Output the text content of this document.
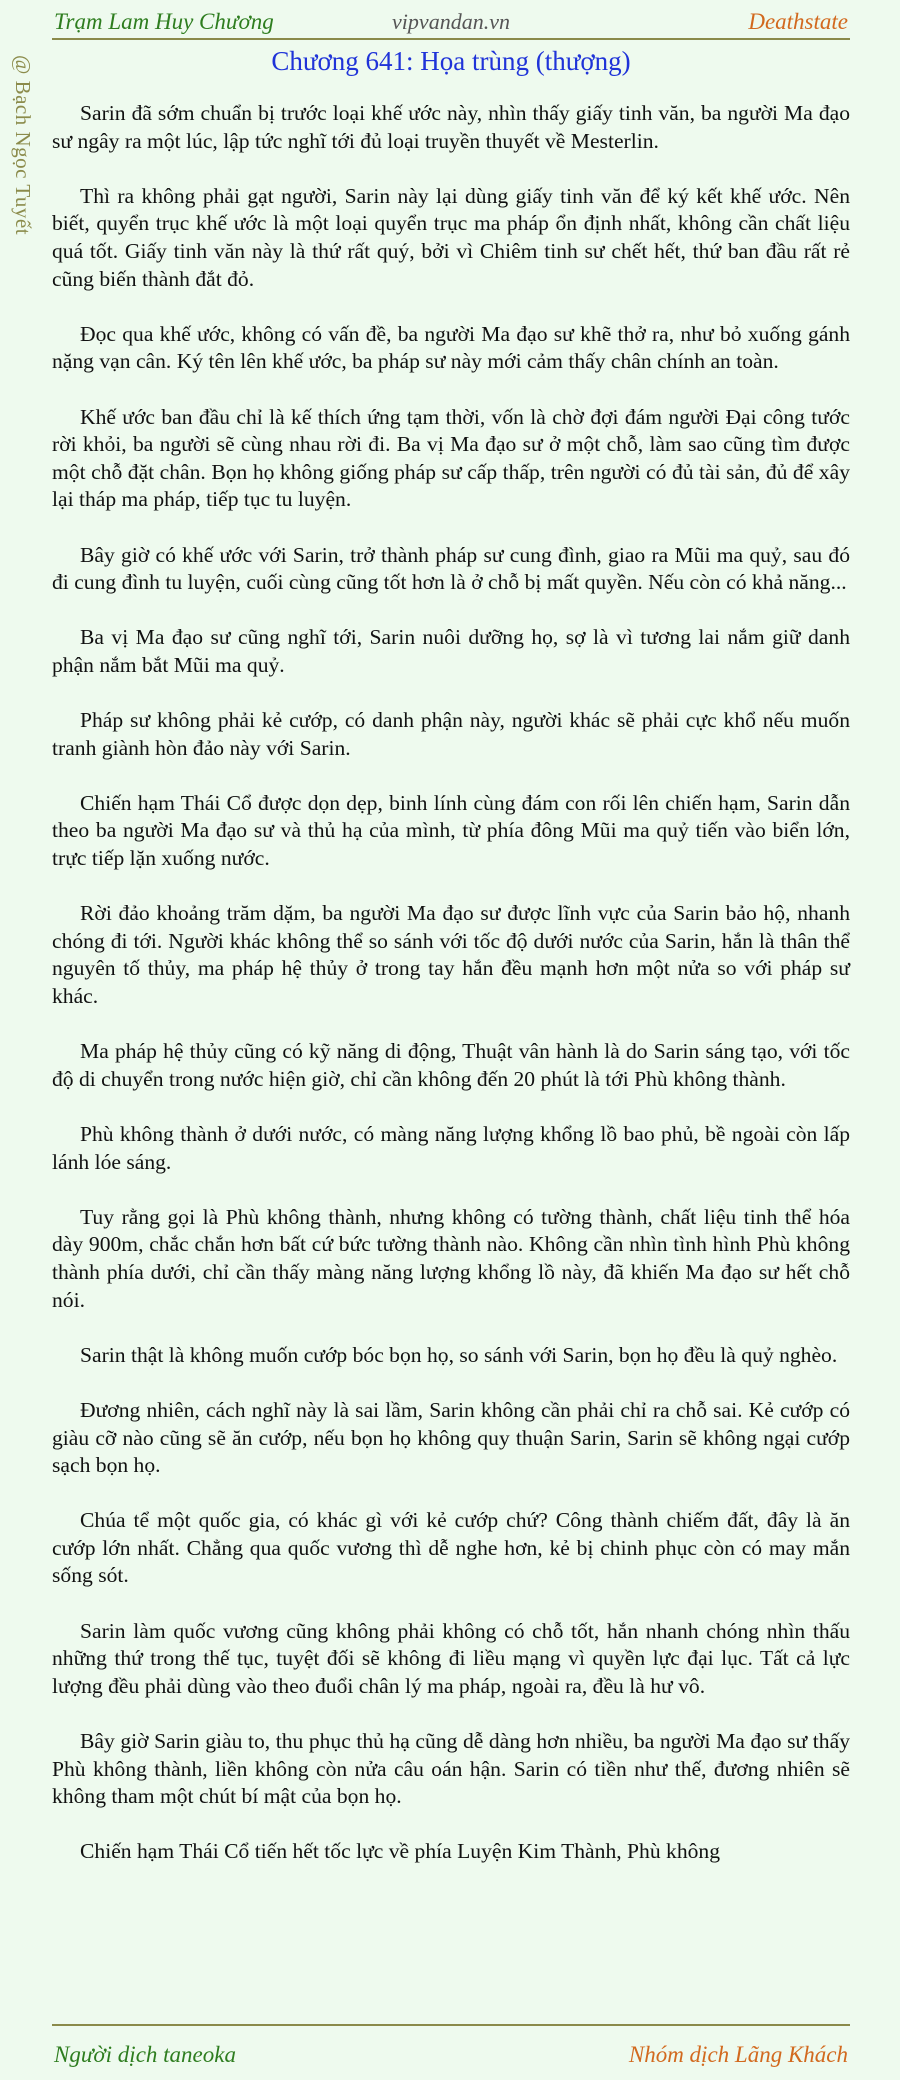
Trạm Lam Huy Chương	vipvandan.vn	Deathstate
@ Bạch Ngọc Tuyết	Chương 641: Họa trùng (thượng)

Sarin đã sớm chuẩn bị trước loại khế ước này, nhìn thấy giấy tinh văn, ba người Ma đạo sư ngây ra một lúc, lập tức nghĩ tới đủ loại truyền thuyết về Mesterlin.

Thì ra không phải gạt người, Sarin này lại dùng giấy tinh văn để ký kết khế ước. Nên biết, quyển trục khế ước là một loại quyển trục ma pháp ổn định nhất, không cần chất liệu quá tốt. Giấy tinh văn này là thứ rất quý, bởi vì Chiêm tinh sư chết hết, thứ ban đầu rất rẻ cũng biến thành đắt đỏ.

Đọc qua khế ước, không có vấn đề, ba người Ma đạo sư khẽ thở ra, như bỏ xuống gánh nặng vạn cân. Ký tên lên khế ước, ba pháp sư này mới cảm thấy chân chính an toàn.

Khế ước ban đầu chỉ là kế thích ứng tạm thời, vốn là chờ đợi đám người Đại công tước rời khỏi, ba người sẽ cùng nhau rời đi. Ba vị Ma đạo sư ở một chỗ, làm sao cũng tìm được một chỗ đặt chân. Bọn họ không giống pháp sư cấp thấp, trên người có đủ tài sản, đủ để xây lại tháp ma pháp, tiếp tục tu luyện.

Bây giờ có khế ước với Sarin, trở thành pháp sư cung đình, giao ra Mũi ma quỷ, sau đó đi cung đình tu luyện, cuối cùng cũng tốt hơn là ở chỗ bị mất quyền. Nếu còn có khả năng...

Ba vị Ma đạo sư cũng nghĩ tới, Sarin nuôi dưỡng họ, sợ là vì tương lai nắm giữ danh phận nắm bắt Mũi ma quỷ.

Pháp sư không phải kẻ cướp, có danh phận này, người khác sẽ phải cực khổ nếu muốn tranh giành hòn đảo này với Sarin.

Chiến hạm Thái Cổ được dọn dẹp, binh lính cùng đám con rối lên chiến hạm, Sarin dẫn theo ba người Ma đạo sư và thủ hạ của mình, từ phía đông Mũi ma quỷ tiến vào biển lớn, trực tiếp lặn xuống nước.

Rời đảo khoảng trăm dặm, ba người Ma đạo sư được lĩnh vực của Sarin bảo hộ, nhanh chóng đi tới. Người khác không thể so sánh với tốc độ dưới nước của Sarin, hắn là thân thể nguyên tố thủy, ma pháp hệ thủy ở trong tay hắn đều mạnh hơn một nửa so với pháp sư khác.

Ma pháp hệ thủy cũng có kỹ năng di động, Thuật vân hành là do Sarin sáng tạo, với tốc độ di chuyển trong nước hiện giờ, chỉ cần không đến 20 phút là tới Phù không thành.

Phù không thành ở dưới nước, có màng năng lượng khổng lồ bao phủ, bề ngoài còn lấp lánh lóe sáng.

Tuy rằng gọi là Phù không thành, nhưng không có tường thành, chất liệu tinh thể hóa dày 900m, chắc chắn hơn bất cứ bức tường thành nào. Không cần nhìn tình hình Phù không thành phía dưới, chỉ cần thấy màng năng lượng khổng lồ này, đã khiến Ma đạo sư hết chỗ nói.

Sarin thật là không muốn cướp bóc bọn họ, so sánh với Sarin, bọn họ đều là quỷ nghèo.

Đương nhiên, cách nghĩ này là sai lầm, Sarin không cần phải chỉ ra chỗ sai. Kẻ cướp có giàu cỡ nào cũng sẽ ăn cướp, nếu bọn họ không quy thuận Sarin, Sarin sẽ không ngại cướp sạch bọn họ.

Chúa tể một quốc gia, có khác gì với kẻ cướp chứ? Công thành chiếm đất, đây là ăn cướp lớn nhất. Chẳng qua quốc vương thì dễ nghe hơn, kẻ bị chinh phục còn có may mắn sống sót.

Sarin làm quốc vương cũng không phải không có chỗ tốt, hắn nhanh chóng nhìn thấu những thứ trong thế tục, tuyệt đối sẽ không đi liều mạng vì quyền lực đại lục. Tất cả lực lượng đều phải dùng vào theo đuổi chân lý ma pháp, ngoài ra, đều là hư vô.

Bây giờ Sarin giàu to, thu phục thủ hạ cũng dễ dàng hơn nhiều, ba người Ma đạo sư thấy Phù không thành, liền không còn nửa câu oán hận. Sarin có tiền như thế, đương nhiên sẽ không tham một chút bí mật của bọn họ.

Chiến hạm Thái Cổ tiến hết tốc lực về phía Luyện Kim Thành, Phù không

Người dịch taneoka	Nhóm dịch Lãng Khách
